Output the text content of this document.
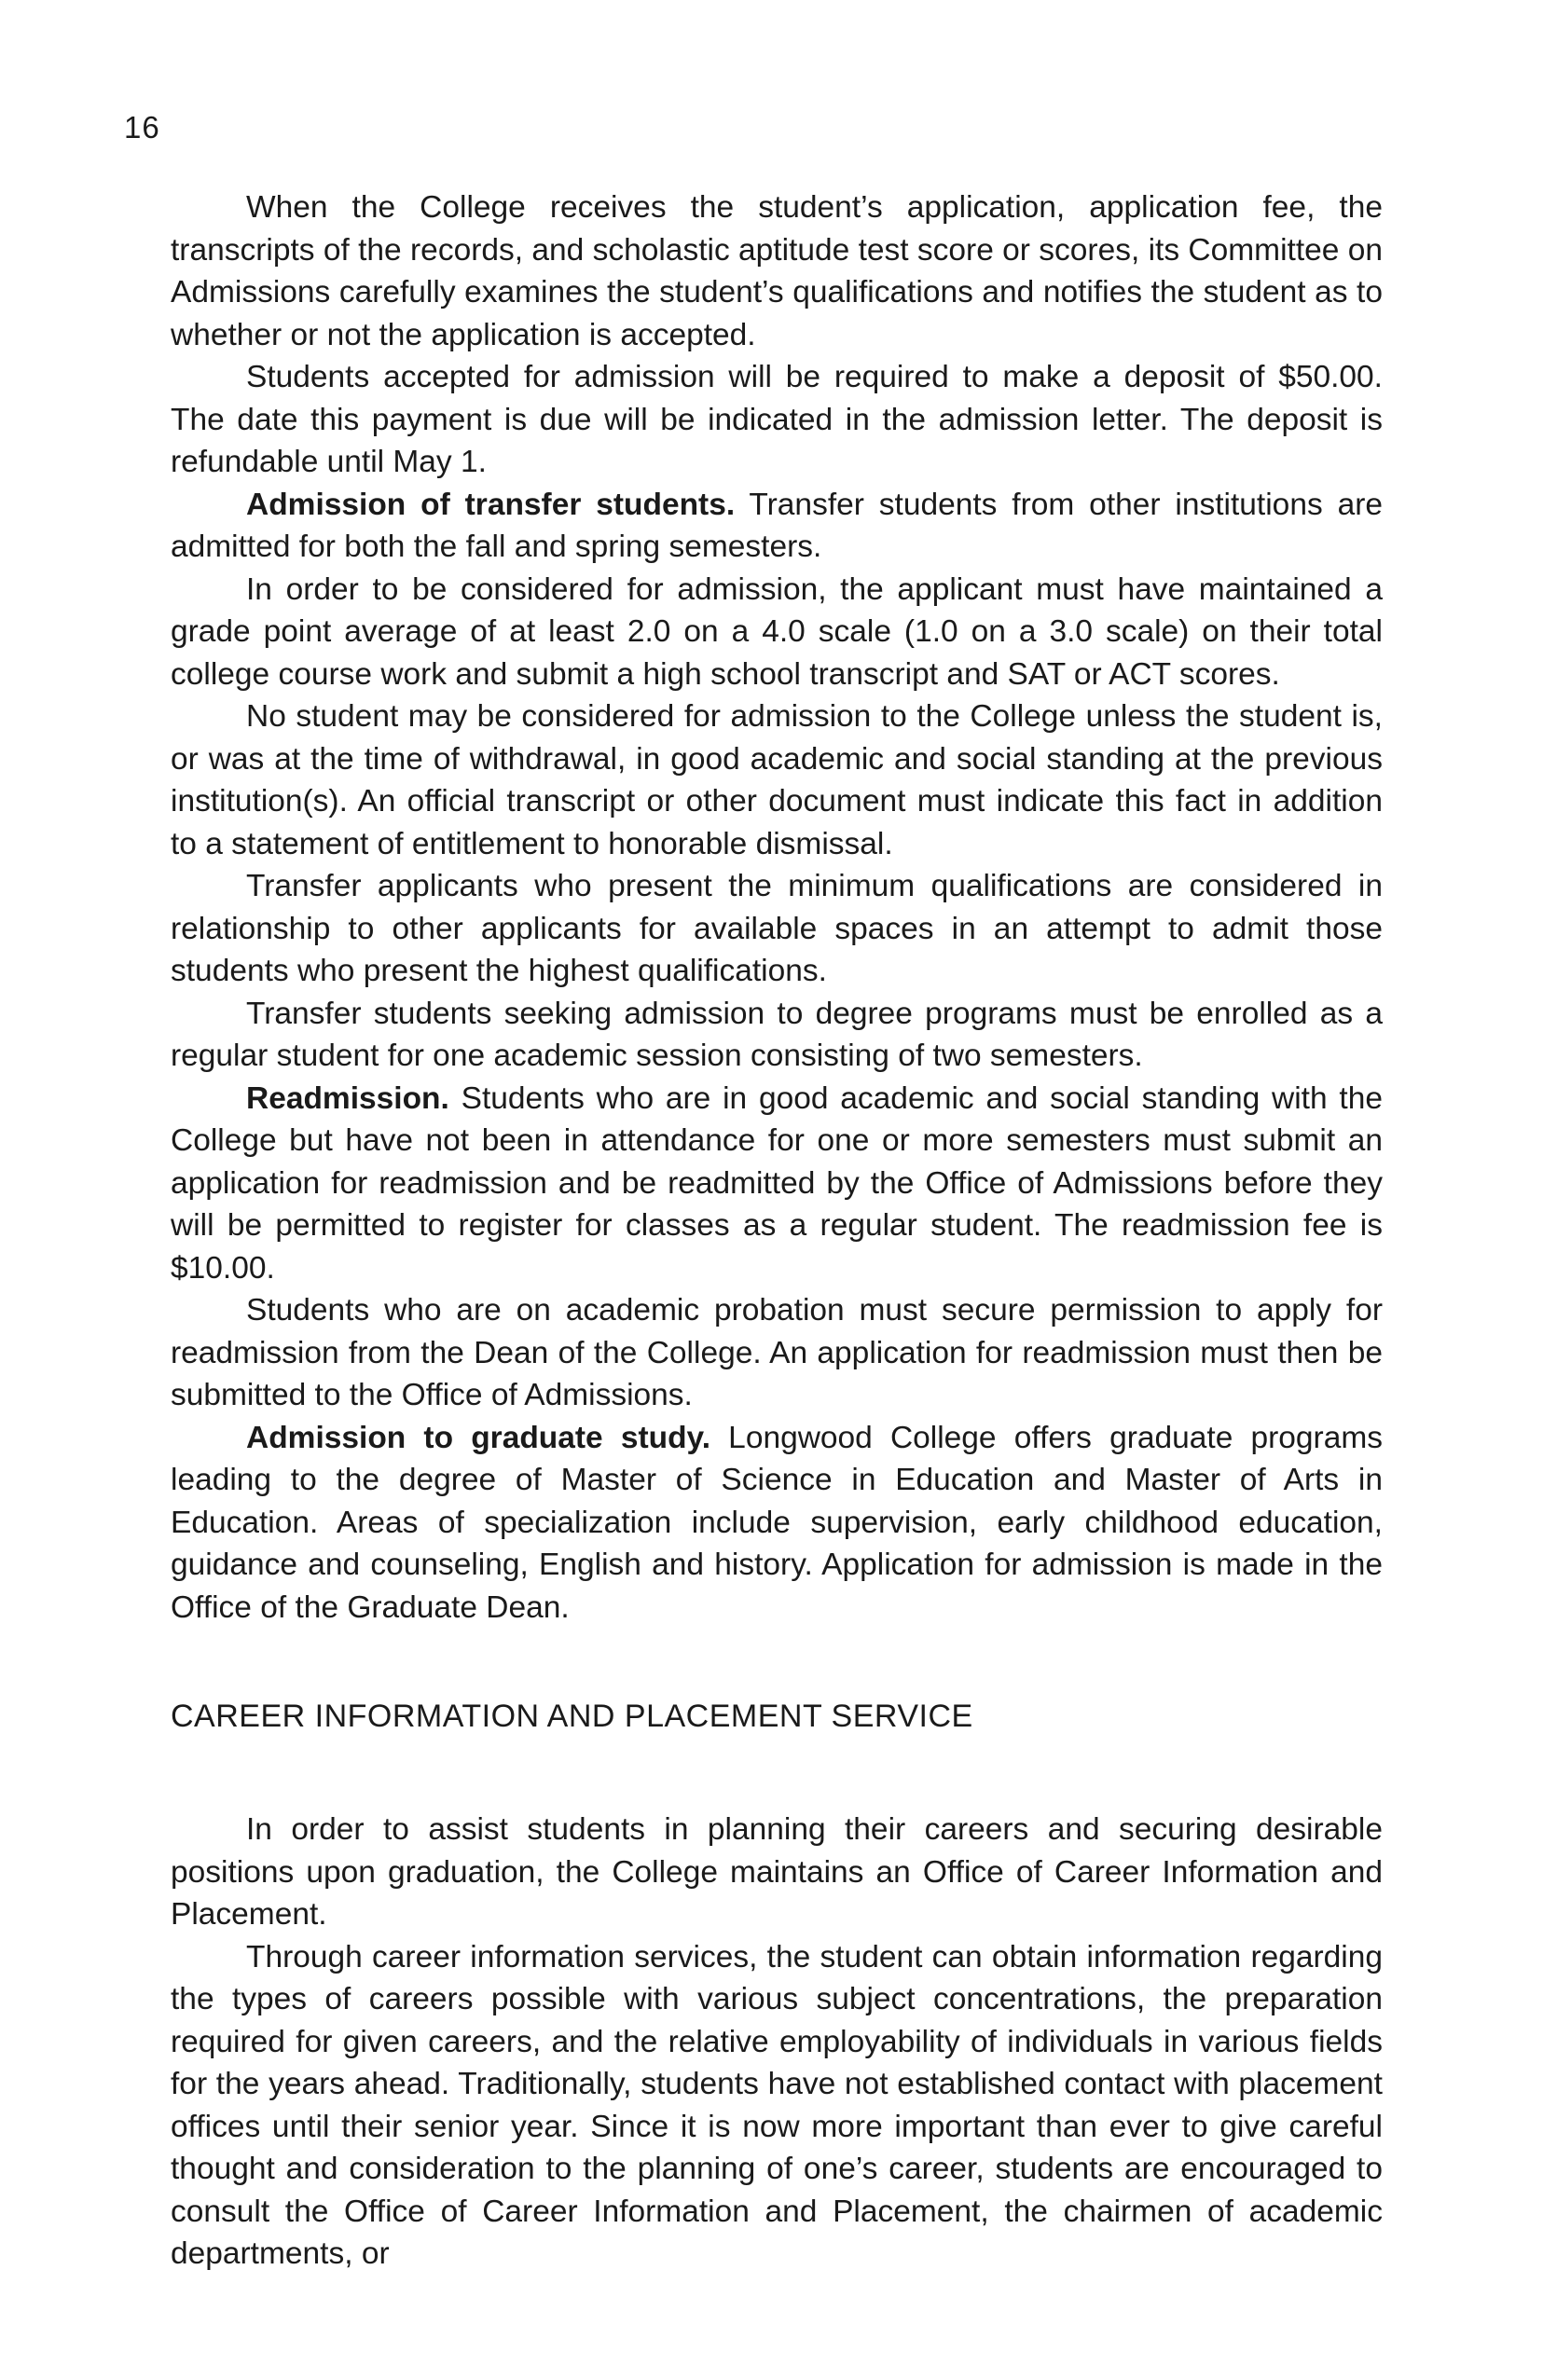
16

When the College receives the student’s application, application fee, the transcripts of the records, and scholastic aptitude test score or scores, its Committee on Admissions carefully examines the student’s qualifications and notifies the student as to whether or not the application is accepted.

Students accepted for admission will be required to make a deposit of $50.00. The date this payment is due will be indicated in the admission letter. The deposit is refundable until May 1.

Admission of transfer students. Transfer students from other institutions are admitted for both the fall and spring semesters.

In order to be considered for admission, the applicant must have maintained a grade point average of at least 2.0 on a 4.0 scale (1.0 on a 3.0 scale) on their total college course work and submit a high school transcript and SAT or ACT scores.

No student may be considered for admission to the College unless the student is, or was at the time of withdrawal, in good academic and social standing at the previous institution(s). An official transcript or other document must indicate this fact in addition to a statement of entitlement to honorable dismissal.

Transfer applicants who present the minimum qualifications are considered in relationship to other applicants for available spaces in an attempt to admit those students who present the highest qualifications.

Transfer students seeking admission to degree programs must be enrolled as a regular student for one academic session consisting of two semesters.

Readmission. Students who are in good academic and social standing with the College but have not been in attendance for one or more semesters must submit an application for readmission and be readmitted by the Office of Admissions before they will be permitted to register for classes as a regular student. The readmission fee is $10.00.

Students who are on academic probation must secure permission to apply for readmission from the Dean of the College. An application for readmission must then be submitted to the Office of Admissions.

Admission to graduate study. Longwood College offers graduate programs leading to the degree of Master of Science in Education and Master of Arts in Education. Areas of specialization include supervision, early childhood education, guidance and counseling, English and history. Application for admission is made in the Office of the Graduate Dean.

CAREER INFORMATION AND PLACEMENT SERVICE

In order to assist students in planning their careers and securing desirable positions upon graduation, the College maintains an Office of Career Information and Placement.

Through career information services, the student can obtain information regarding the types of careers possible with various subject concentrations, the preparation required for given careers, and the relative employability of individuals in various fields for the years ahead. Traditionally, students have not established contact with placement offices until their senior year. Since it is now more important than ever to give careful thought and consideration to the planning of one’s career, students are encouraged to consult the Office of Career Information and Placement, the chairmen of academic departments, or
